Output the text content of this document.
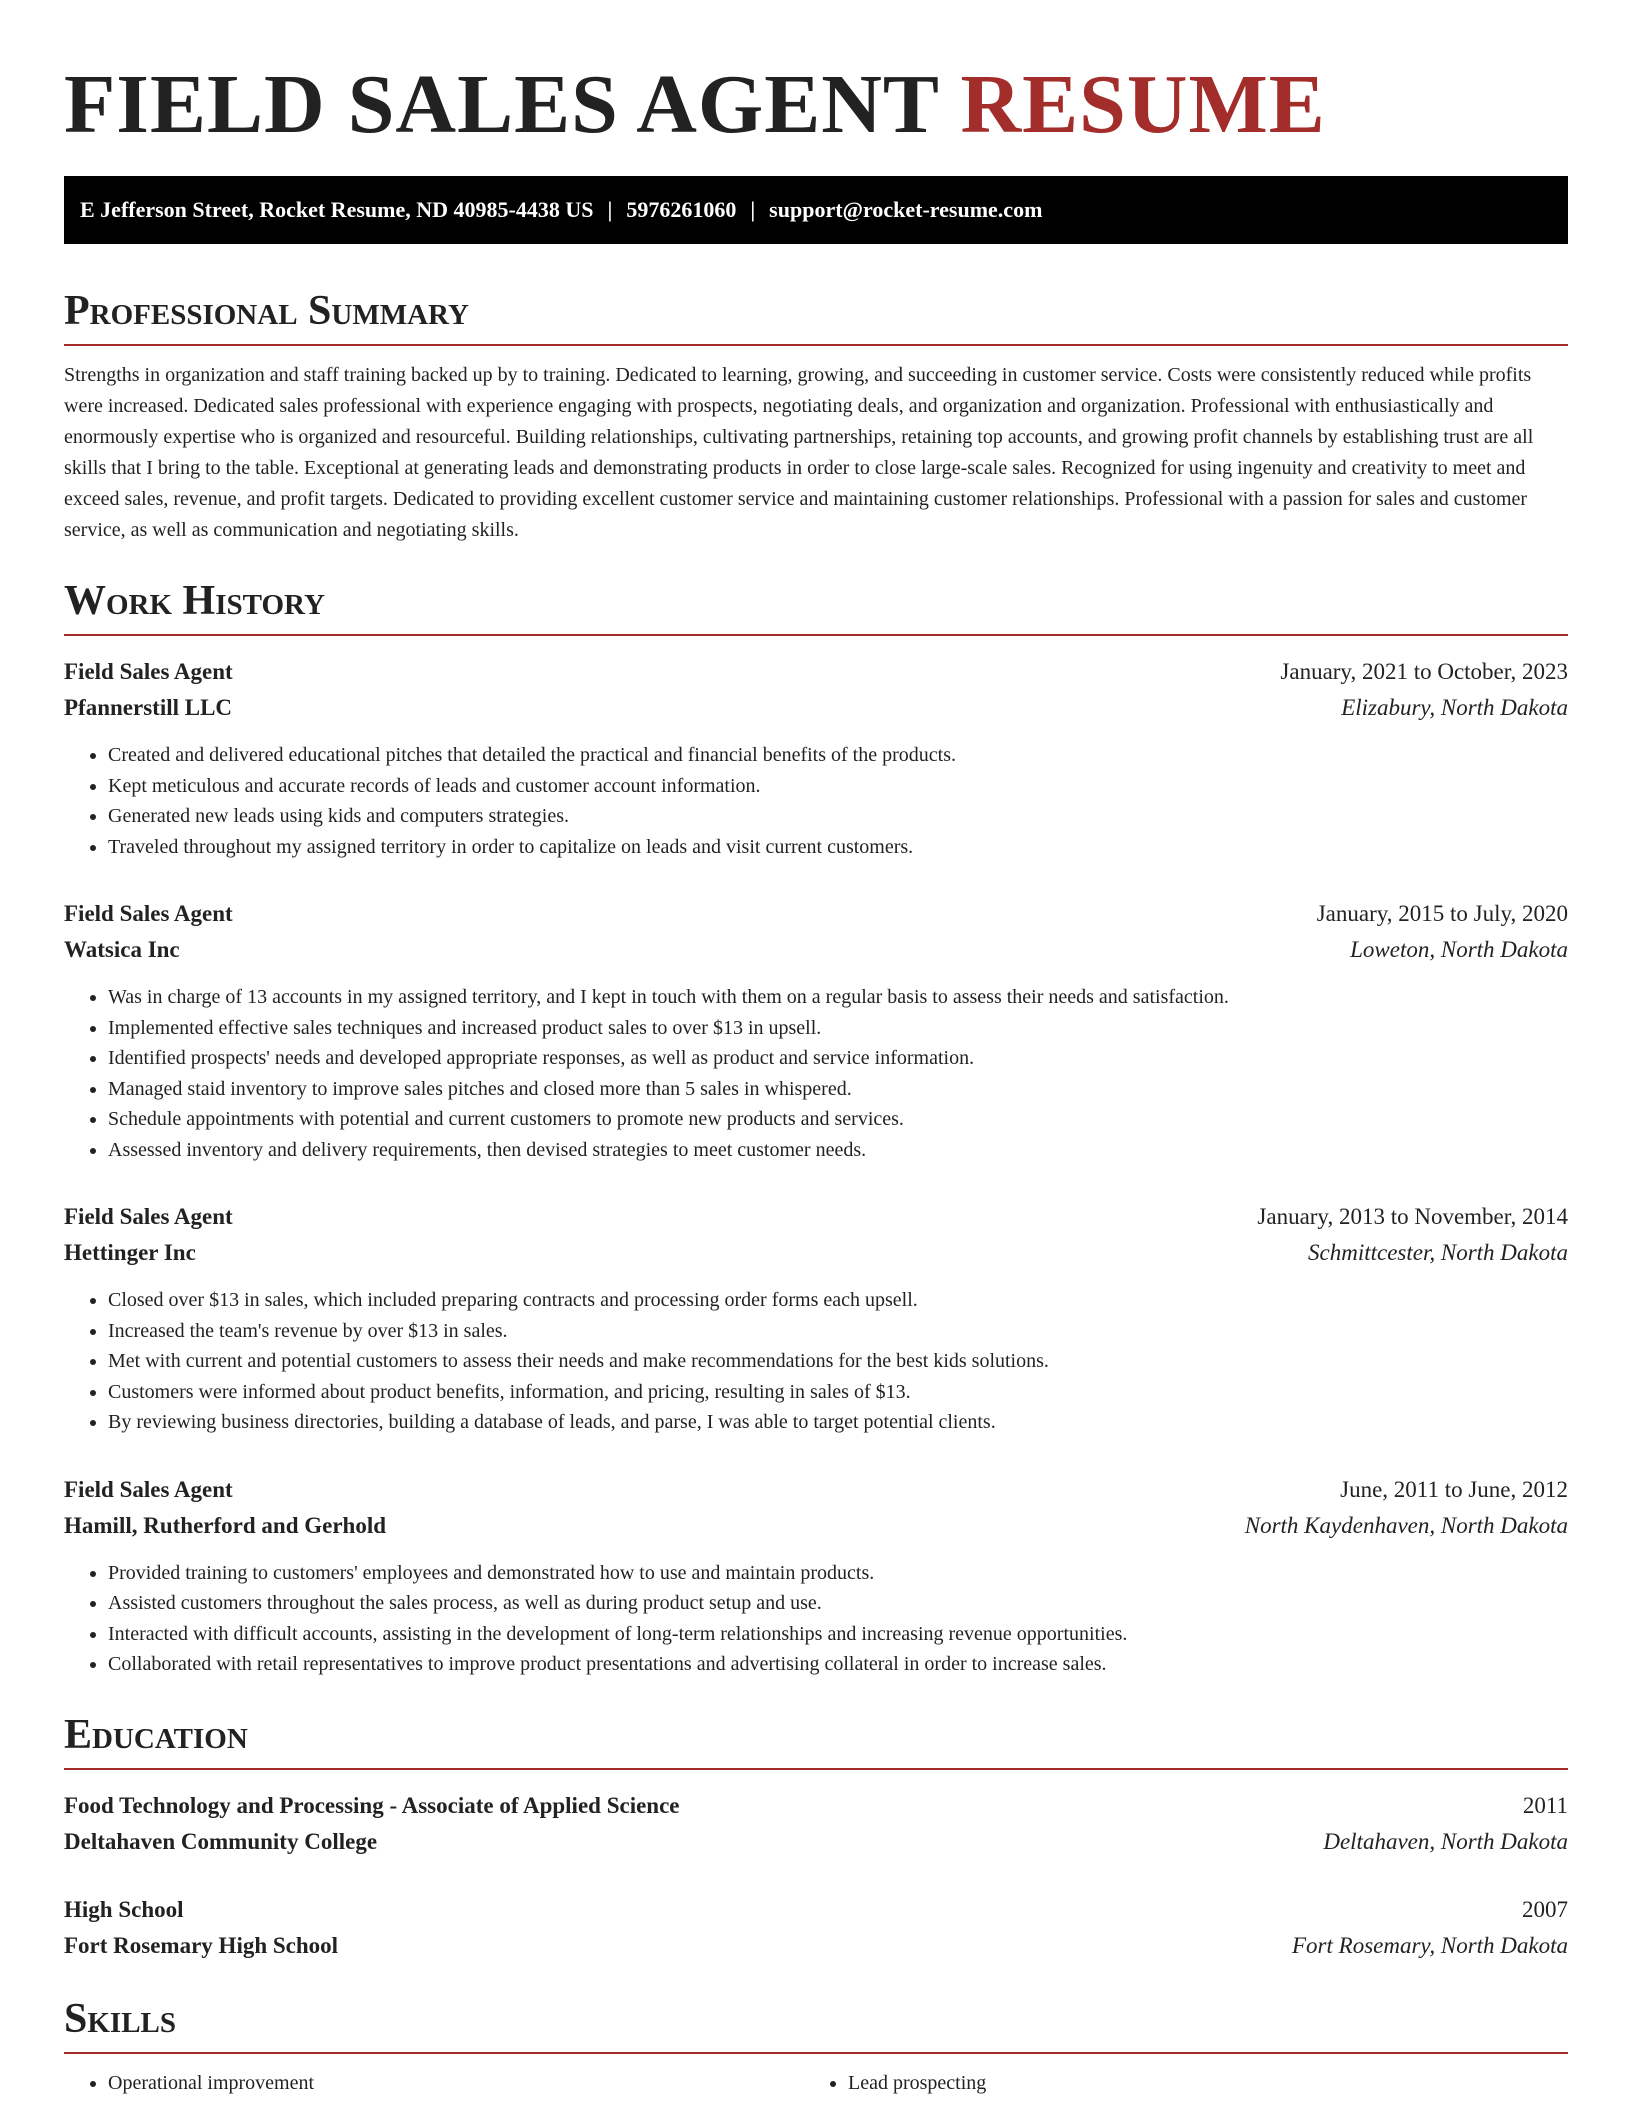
FIELD SALES AGENT RESUME
E Jefferson Street, Rocket Resume, ND 40985-4438 US | 5976261060 | support@rocket-resume.com
Professional Summary

Strengths in organization and staff training backed up by to training. Dedicated to learning, growing, and succeeding in customer service. Costs were consistently reduced while profits were increased. Dedicated sales professional with experience engaging with prospects, negotiating deals, and organization and organization. Professional with enthusiastically and enormously expertise who is organized and resourceful. Building relationships, cultivating partnerships, retaining top accounts, and growing profit channels by establishing trust are all skills that I bring to the table. Exceptional at generating leads and demonstrating products in order to close large-scale sales. Recognized for using ingenuity and creativity to meet and exceed sales, revenue, and profit targets. Dedicated to providing excellent customer service and maintaining customer relationships. Professional with a passion for sales and customer service, as well as communication and negotiating skills.

Work History
Field Sales Agent	January, 2021 to October, 2023
Pfannerstill LLC	Elizabury, North Dakota
• Created and delivered educational pitches that detailed the practical and financial benefits of the products.
• Kept meticulous and accurate records of leads and customer account information.
• Generated new leads using kids and computers strategies.
• Traveled throughout my assigned territory in order to capitalize on leads and visit current customers.
Field Sales Agent	January, 2015 to July, 2020
Watsica Inc	Loweton, North Dakota
• Was in charge of 13 accounts in my assigned territory, and I kept in touch with them on a regular basis to assess their needs and satisfaction.
• Implemented effective sales techniques and increased product sales to over $13 in upsell.
• Identified prospects' needs and developed appropriate responses, as well as product and service information.
• Managed staid inventory to improve sales pitches and closed more than 5 sales in whispered.
• Schedule appointments with potential and current customers to promote new products and services.
• Assessed inventory and delivery requirements, then devised strategies to meet customer needs.
Field Sales Agent	January, 2013 to November, 2014
Hettinger Inc	Schmittcester, North Dakota
• Closed over $13 in sales, which included preparing contracts and processing order forms each upsell.
• Increased the team's revenue by over $13 in sales.
• Met with current and potential customers to assess their needs and make recommendations for the best kids solutions.
• Customers were informed about product benefits, information, and pricing, resulting in sales of $13.
• By reviewing business directories, building a database of leads, and parse, I was able to target potential clients.
Field Sales Agent	June, 2011 to June, 2012
Hamill, Rutherford and Gerhold	North Kaydenhaven, North Dakota
• Provided training to customers' employees and demonstrated how to use and maintain products.
• Assisted customers throughout the sales process, as well as during product setup and use.
• Interacted with difficult accounts, assisting in the development of long-term relationships and increasing revenue opportunities.
• Collaborated with retail representatives to improve product presentations and advertising collateral in order to increase sales.
Education
Food Technology and Processing - Associate of Applied Science	2011
Deltahaven Community College	Deltahaven, North Dakota
High School	2007
Fort Rosemary High School	Fort Rosemary, North Dakota
Skills
• Operational improvement
•	Lead prospecting
